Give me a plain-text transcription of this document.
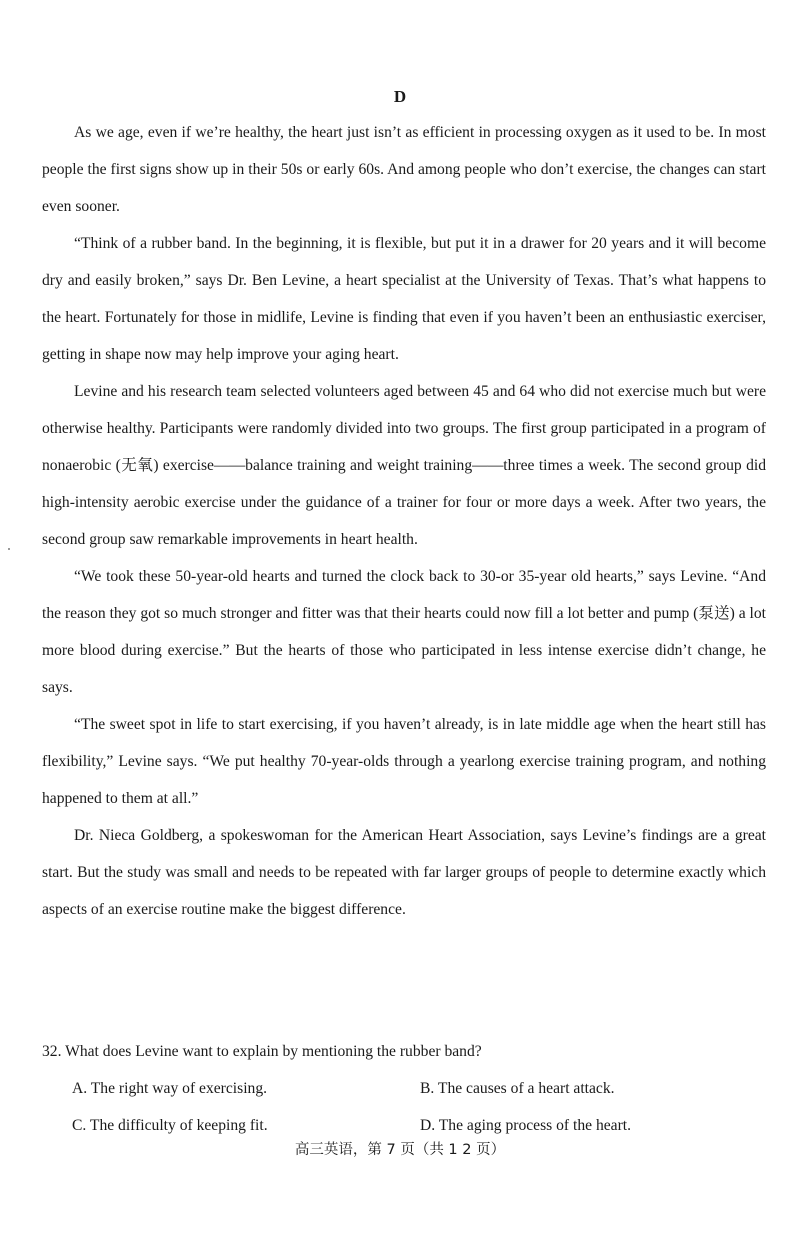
D

As we age, even if we’re healthy, the heart just isn’t as efficient in processing oxygen as it used to be. In most people the first signs show up in their 50s or early 60s. And among people who don’t exercise, the changes can start even sooner.

“Think of a rubber band. In the beginning, it is flexible, but put it in a drawer for 20 years and it will become dry and easily broken,” says Dr. Ben Levine, a heart specialist at the University of Texas. That’s what happens to the heart. Fortunately for those in midlife, Levine is finding that even if you haven’t been an enthusiastic exerciser, getting in shape now may help improve your aging heart.

Levine and his research team selected volunteers aged between 45 and 64 who did not exercise much but were otherwise healthy. Participants were randomly divided into two groups. The first group participated in a program of nonaerobic (无氧) exercise——balance training and weight training——three times a week. The second group did high-intensity aerobic exercise under the guidance of a trainer for four or more days a week. After two years, the second group saw remarkable improvements in heart health.

“We took these 50-year-old hearts and turned the clock back to 30-or 35-year old hearts,” says Levine. “And the reason they got so much stronger and fitter was that their hearts could now fill a lot better and pump (泵送) a lot more blood during exercise.” But the hearts of those who participated in less intense exercise didn’t change, he says.

“The sweet spot in life to start exercising, if you haven’t already, is in late middle age when the heart still has flexibility,” Levine says. “We put healthy 70-year-olds through a yearlong exercise training program, and nothing happened to them at all.”

Dr. Nieca Goldberg, a spokeswoman for the American Heart Association, says Levine’s findings are a great start. But the study was small and needs to be repeated with far larger groups of people to determine exactly which aspects of an exercise routine make the biggest difference.

32. What does Levine want to explain by mentioning the rubber band?
A. The right way of exercising.	B. The causes of a heart attack.
C. The difficulty of keeping fit.	D. The aging process of the heart.
高三英语，第 7 页（共 1 2 页）
